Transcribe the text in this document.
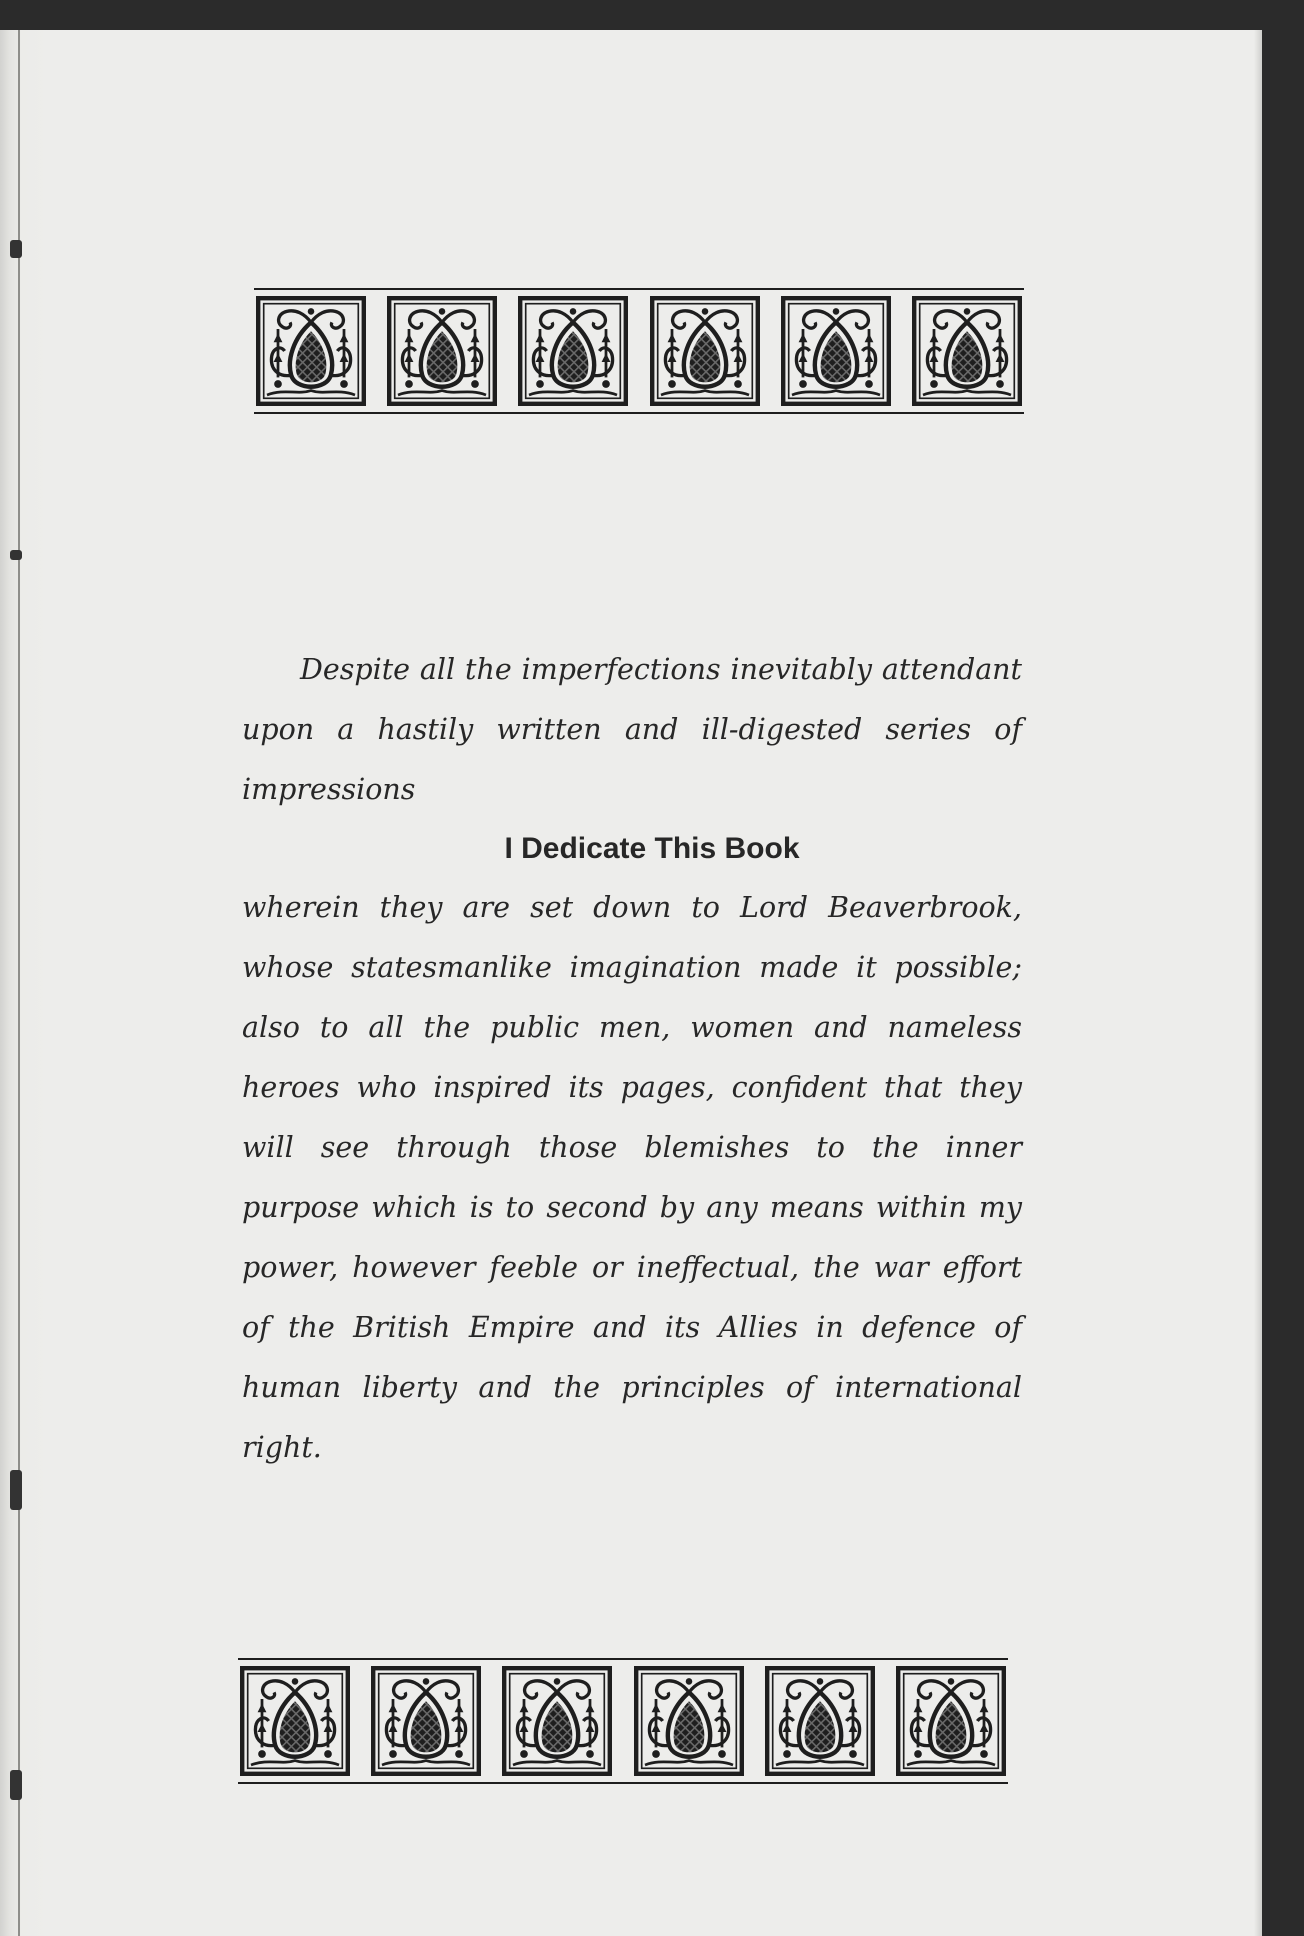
Despite all the imperfections inevitably attendant upon a hastily written and ill-digested series of impressions

I Dedicate This Book

wherein they are set down to Lord Beaverbrook, whose statesmanlike imagination made it possible; also to all the public men, women and nameless heroes who inspired its pages, confident that they will see through those blemishes to the inner purpose which is to second by any means within my power, however feeble or ineffectual, the war effort of the British Empire and its Allies in defence of human liberty and the principles of international right.
